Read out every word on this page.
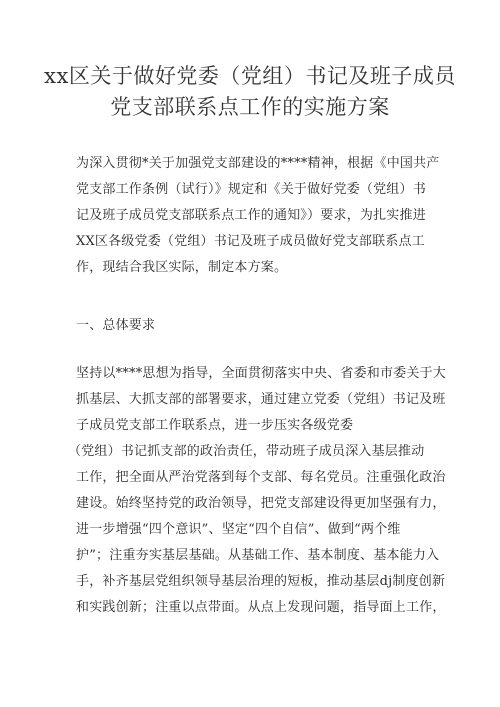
xx区关于做好党委（党组）书记及班子成员
党支部联系点工作的实施方案
为深入贯彻*关于加强党支部建设的****精神，根据《中国共产
党支部工作条例（试行）》规定和《关于做好党委（党组）书
记及班子成员党支部联系点工作的通知》）要求，为扎实推进
XX区各级党委（党组）书记及班子成员做好党支部联系点工
作，现结合我区实际，制定本方案。
一、总体要求
坚持以****思想为指导，全面贯彻落实中央、省委和市委关于大
抓基层、大抓支部的部署要求，通过建立党委（党组）书记及班
子成员党支部工作联系点，进一步压实各级党委
（党组）书记抓支部的政治责任，带动班子成员深入基层推动
工作，把全面从严治党落到每个支部、每名党员。注重强化政治
建设。始终坚持党的政治领导，把党支部建设得更加坚强有力，
进一步增强“四个意识”、坚定“四个自信”、做到“两个维
护”；注重夯实基层基础。从基础工作、基本制度、基本能力入
手，补齐基层党组织领导基层治理的短板，推动基层dj制度创新
和实践创新；注重以点带面。从点上发现问题，指导面上工作，
